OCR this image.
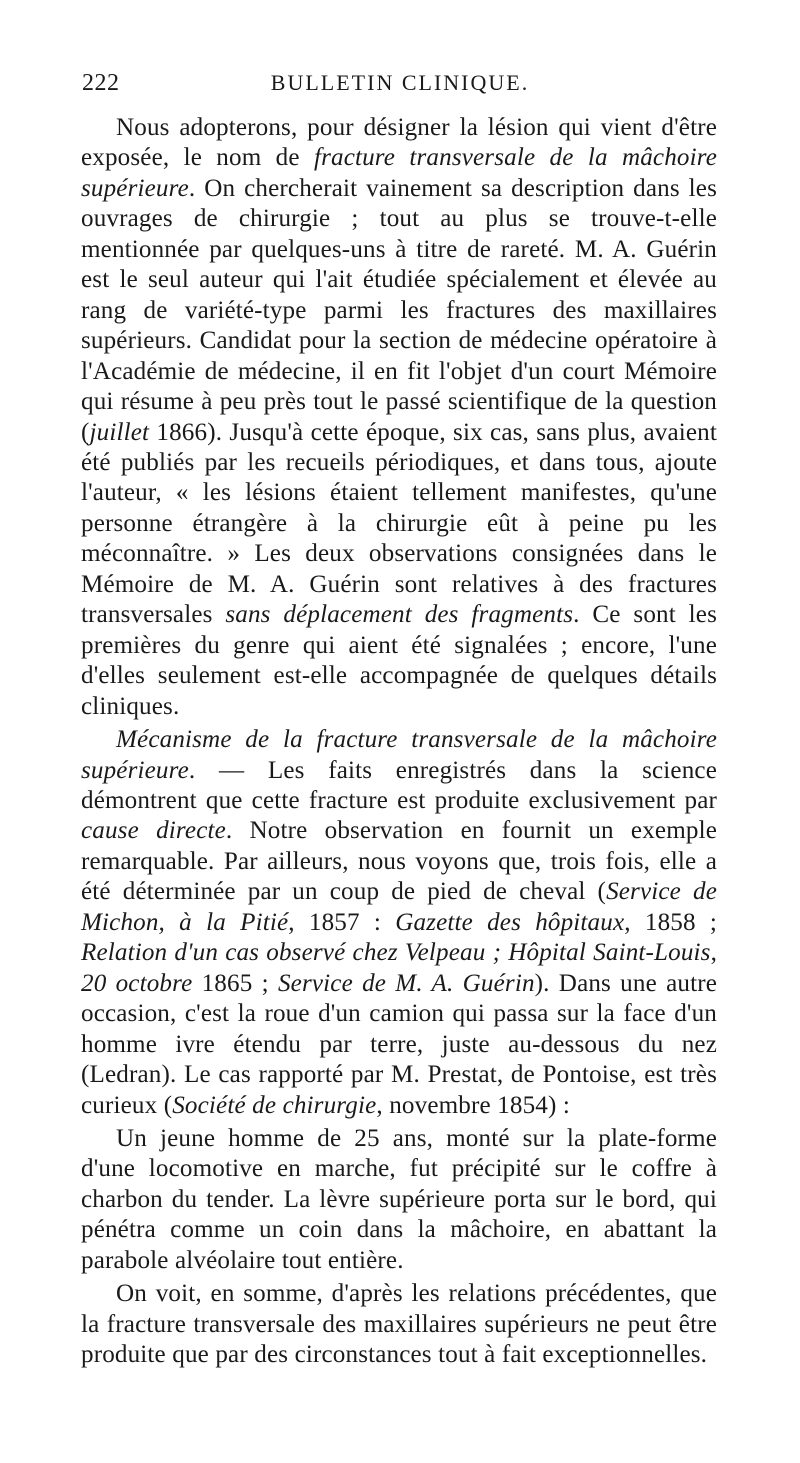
222	BULLETIN CLINIQUE.

Nous adopterons, pour désigner la lésion qui vient d'être exposée, le nom de fracture transversale de la mâchoire supérieure. On chercherait vainement sa description dans les ouvrages de chirurgie ; tout au plus se trouve-t-elle mentionnée par quelques-uns à titre de rareté. M. A. Guérin est le seul auteur qui l'ait étudiée spécialement et élevée au rang de variété-type parmi les fractures des maxillaires supérieurs. Candidat pour la section de médecine opératoire à l'Académie de médecine, il en fit l'objet d'un court Mémoire qui résume à peu près tout le passé scientifique de la question (juillet 1866). Jusqu'à cette époque, six cas, sans plus, avaient été publiés par les recueils périodiques, et dans tous, ajoute l'auteur, « les lésions étaient tellement manifestes, qu'une personne étrangère à la chirurgie eût à peine pu les méconnaître. » Les deux observations consignées dans le Mémoire de M. A. Guérin sont relatives à des fractures transversales sans déplacement des fragments. Ce sont les premières du genre qui aient été signalées ; encore, l'une d'elles seulement est-elle accompagnée de quelques détails cliniques.

Mécanisme de la fracture transversale de la mâchoire supérieure. — Les faits enregistrés dans la science démontrent que cette fracture est produite exclusivement par cause directe. Notre observation en fournit un exemple remarquable. Par ailleurs, nous voyons que, trois fois, elle a été déterminée par un coup de pied de cheval (Service de Michon, à la Pitié, 1857 : Gazette des hôpitaux, 1858 ; Relation d'un cas observé chez Velpeau ; Hôpital Saint-Louis, 20 octobre 1865 ; Service de M. A. Guérin). Dans une autre occasion, c'est la roue d'un camion qui passa sur la face d'un homme ivre étendu par terre, juste au-dessous du nez (Ledran). Le cas rapporté par M. Prestat, de Pontoise, est très curieux (Société de chirurgie, novembre 1854) :

Un jeune homme de 25 ans, monté sur la plate-forme d'une locomotive en marche, fut précipité sur le coffre à charbon du tender. La lèvre supérieure porta sur le bord, qui pénétra comme un coin dans la mâchoire, en abattant la parabole alvéolaire tout entière.

On voit, en somme, d'après les relations précédentes, que la fracture transversale des maxillaires supérieurs ne peut être produite que par des circonstances tout à fait exceptionnelles.
